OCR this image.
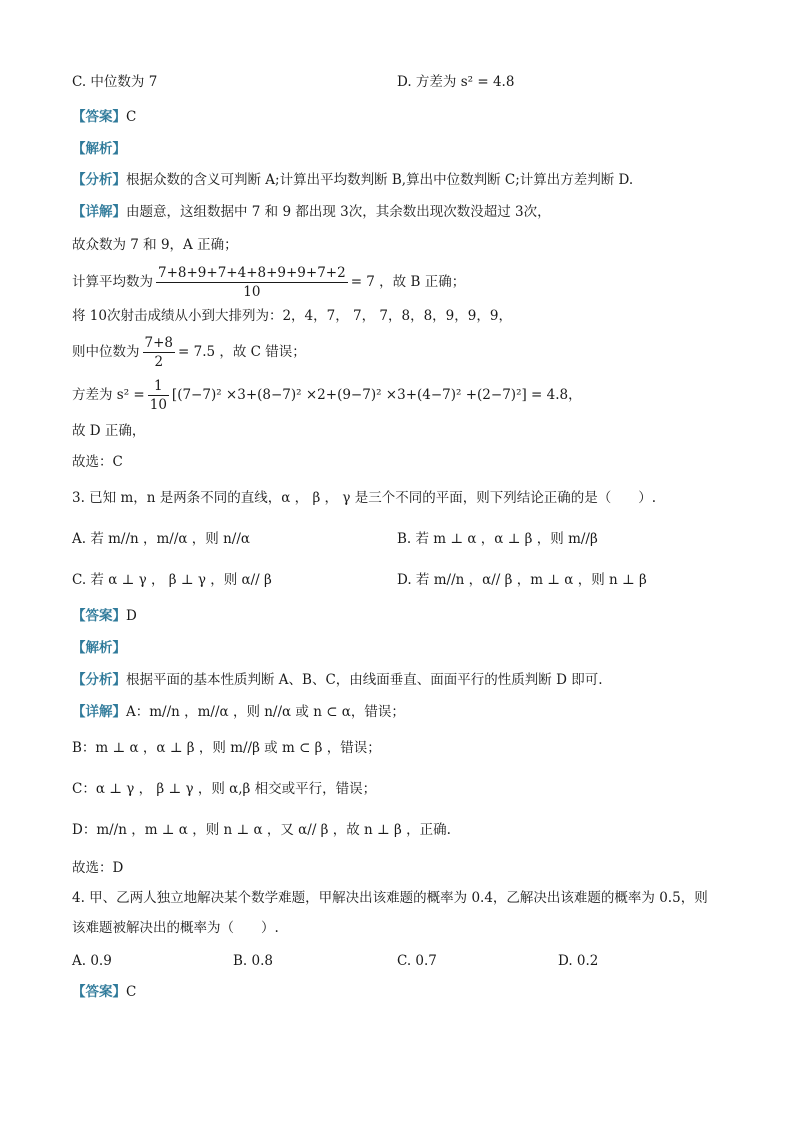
C. 中位数为 7	D. 方差为 s² = 4.8
【答案】C
【解析】
【分析】根据众数的含义可判断 A;计算出平均数判断 B,算出中位数判断 C;计算出方差判断 D.
【详解】由题意，这组数据中 7 和 9 都出现 3次，其余数出现次数没超过 3次，
故众数为 7 和 9，A 正确；
计算平均数为 $\frac{7+8+9+7+4+8+9+9+7+2}{10} = 7$ ，故 B 正确；
将 10次射击成绩从小到大排列为：2，4，7， 7， 7，8，8，9，9，9，
则中位数为 $\frac{7+8}{2} = 7.5$ ，故 C 错误；
方差为 $s^2 = \frac{1}{10} [(7-7)^2 \times 3+(8-7)^2 \times 2+(9-7)^2 \times 3+(4-7)^2 +(2-7)^2] = 4.8$，
故 D 正确，
故选：C
3. 已知 m，n 是两条不同的直线，α ， β ， γ 是三个不同的平面，则下列结论正确的是（　　）.
A. 若 m//n ，m//α ，则 n//α	B. 若 m ⊥ α ，α ⊥ β ，则 m//β
C. 若 α ⊥ γ ， β ⊥ γ ，则 α// β	D. 若 m//n ，α// β ，m ⊥ α ，则 n ⊥ β
【答案】D
【解析】
【分析】根据平面的基本性质判断 A、B、C，由线面垂直、面面平行的性质判断 D 即可.
【详解】A：m//n ，m//α ，则 n//α 或 n ⊂ α，错误；
B：m ⊥ α ，α ⊥ β ，则 m//β 或 m ⊂ β ，错误；
C：α ⊥ γ ， β ⊥ γ ，则 α,β 相交或平行，错误；
D：m//n ，m ⊥ α ，则 n ⊥ α ，又 α// β ，故 n ⊥ β ，正确.
故选：D
4. 甲、乙两人独立地解决某个数学难题，甲解决出该难题的概率为 0.4，乙解决出该难题的概率为 0.5，则
该难题被解决出的概率为（　　）.
A. 0.9	B. 0.8	C. 0.7	D. 0.2
【答案】C
